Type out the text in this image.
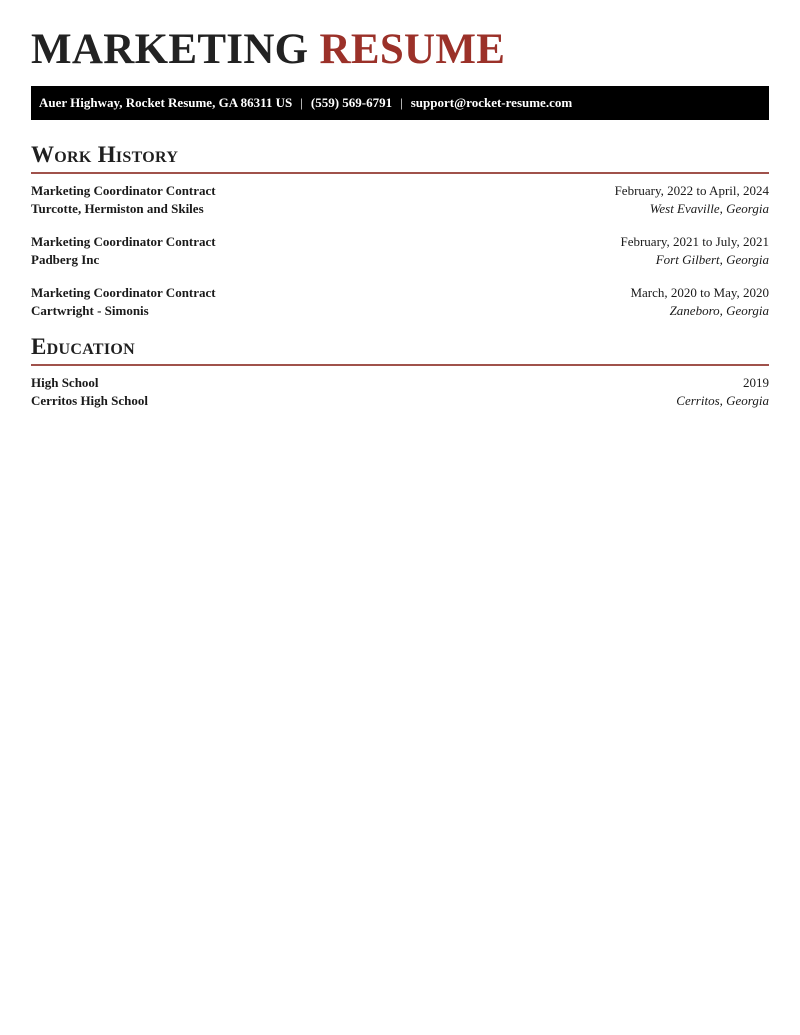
MARKETING RESUME
Auer Highway, Rocket Resume, GA 86311 US | (559) 569-6791 | support@rocket-resume.com
Work History
Marketing Coordinator Contract	February, 2022 to April, 2024
Turcotte, Hermiston and Skiles	West Evaville, Georgia
Marketing Coordinator Contract	February, 2021 to July, 2021
Padberg Inc	Fort Gilbert, Georgia
Marketing Coordinator Contract	March, 2020 to May, 2020
Cartwright - Simonis	Zaneboro, Georgia
Education
High School	2019
Cerritos High School	Cerritos, Georgia
